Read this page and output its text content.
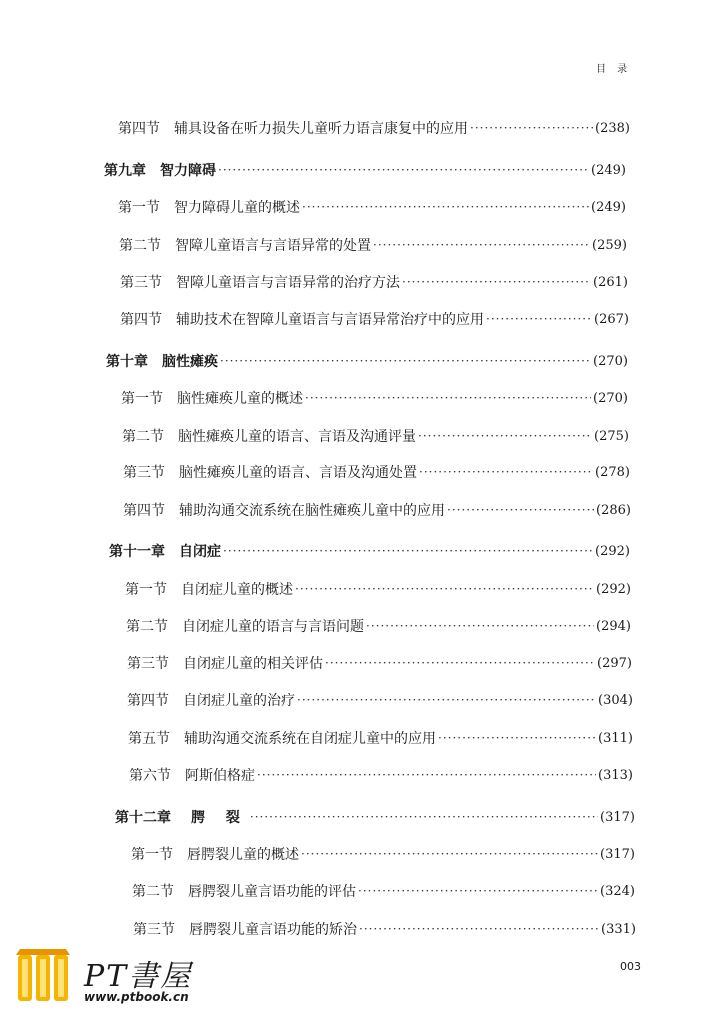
目 录
第四节 辅具设备在听力损失儿童听力语言康复中的应用 ·····	(238)
第九章 智力障碍 ·····	(249)
第一节 智力障碍儿童的概述 ·····	(249)
第二节 智障儿童语言与言语异常的处置 ·····	(259)
第三节 智障儿童语言与言语异常的治疗方法 ·····	(261)
第四节 辅助技术在智障儿童语言与言语异常治疗中的应用 ·····	(267)
第十章 脑性瘫痪 ·····	(270)
第一节 脑性瘫痪儿童的概述 ·····	(270)
第二节 脑性瘫痪儿童的语言、言语及沟通评量 ·····	(275)
第三节 脑性瘫痪儿童的语言、言语及沟通处置 ·····	(278)
第四节 辅助沟通交流系统在脑性瘫痪儿童中的应用 ·····	(286)
第十一章 自闭症 ·····	(292)
第一节 自闭症儿童的概述 ·····	(292)
第二节 自闭症儿童的语言与言语问题 ·····	(294)
第三节 自闭症儿童的相关评估 ·····	(297)
第四节 自闭症儿童的治疗 ·····	(304)
第五节 辅助沟通交流系统在自闭症儿童中的应用 ·····	(311)
第六节 阿斯伯格症 ·····	(313)
第十二章 腭 裂 ·····	(317)
第一节 唇腭裂儿童的概述 ·····	(317)
第二节 唇腭裂儿童言语功能的评估 ·····	(324)
第三节 唇腭裂儿童言语功能的矫治 ·····	(331)
003
PT書屋
www.ptbook.cn
